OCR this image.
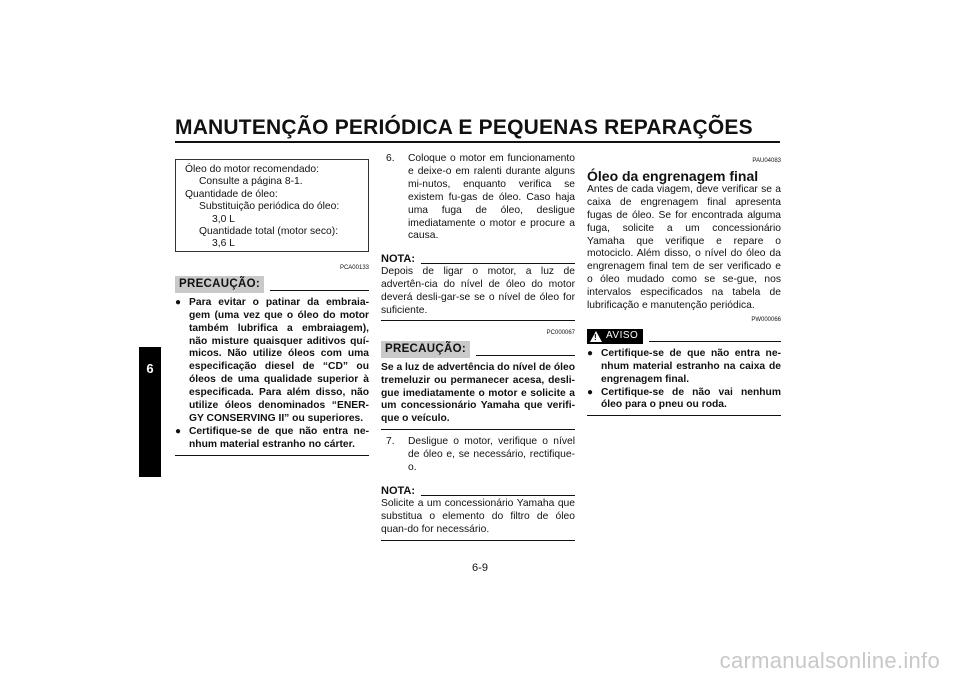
MANUTENÇÃO PERIÓDICA E PEQUENAS REPARAÇÕES
6
Óleo do motor recomendado:
Consulte a página 8-1.
Quantidade de óleo:
Substituição periódica do óleo:
3,0 L
Quantidade total (motor seco):
3,6 L
PCA00133
PRECAUÇÃO:
● Para evitar o patinar da embraia-gem (uma vez que o óleo do motor também lubrifica a embraiagem), não misture quaisquer aditivos quí-micos. Não utilize óleos com uma especificação diesel de “CD” ou óleos de uma qualidade superior à especificada. Para além disso, não utilize óleos denominados “ENER-GY CONSERVING II” ou superiores.
● Certifique-se de que não entra ne-nhum material estranho no cárter.
6.	Coloque o motor em funcionamento e deixe-o em ralenti durante alguns mi-nutos, enquanto verifica se existem fu-gas de óleo. Caso haja uma fuga de óleo, desligue imediatamente o motor e procure a causa.
NOTA:
Depois de ligar o motor, a luz de advertên-cia do nível de óleo do motor deverá desli-gar-se se o nível de óleo for suficiente.
PC000067
PRECAUÇÃO:
Se a luz de advertência do nível de óleo tremeluzir ou permanecer acesa, desli-gue imediatamente o motor e solicite a um concessionário Yamaha que verifi-que o veículo.
7.	Desligue o motor, verifique o nível de óleo e, se necessário, rectifique-o.
NOTA:
Solicite a um concessionário Yamaha que substitua o elemento do filtro de óleo quan-do for necessário.
PAU04083
Óleo da engrenagem final
Antes de cada viagem, deve verificar se a caixa de engrenagem final apresenta fugas de óleo. Se for encontrada alguma fuga, solicite a um concessionário Yamaha que verifique e repare o motociclo. Além disso, o nível do óleo da engrenagem final tem de ser verificado e o óleo mudado como se se-gue, nos intervalos especificados na tabela de lubrificação e manutenção periódica.
PW000066
! AVISO
● Certifique-se de que não entra ne-nhum material estranho na caixa de engrenagem final.
● Certifique-se de não vai nenhum óleo para o pneu ou roda.
6-9
carmanualsonline.info
